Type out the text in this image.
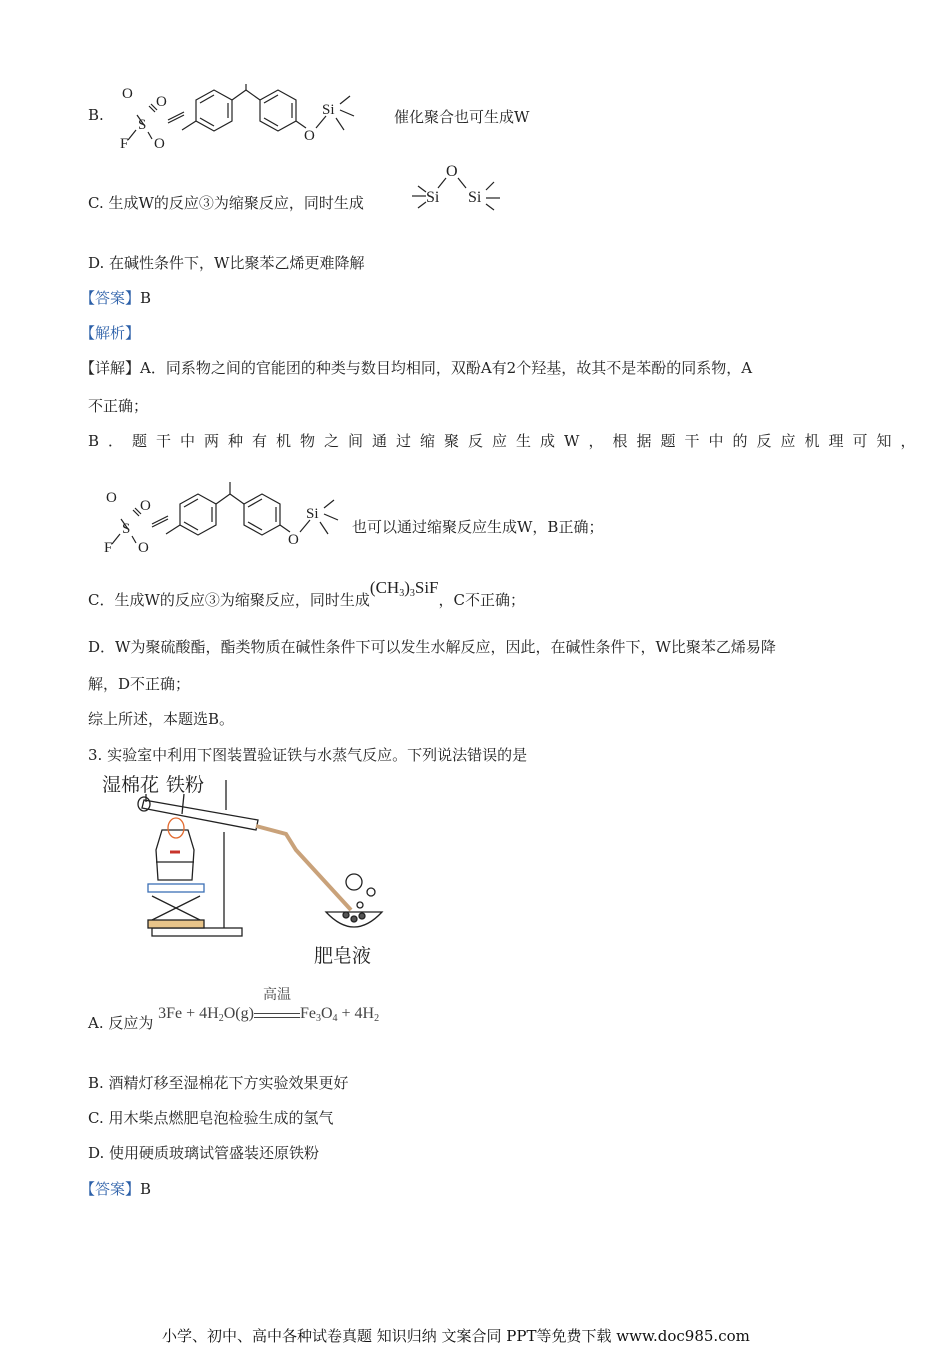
B.
O O
S
F O	O
Si	催化聚合也可生成W
C. 生成W的反应③为缩聚反应，同时生成
O
Si Si
D. 在碱性条件下，W比聚苯乙烯更难降解
【答案】B
【解析】
【详解】A．同系物之间的官能团的种类与数目均相同，双酚A有2个羟基，故其不是苯酚的同系物，A
不正确；
B．题干中两种有机物之间通过缩聚反应生成W，根据题干中的反应机理可知，
O O
S
F O	O
Si
也可以通过缩聚反应生成W，B正确；
C．生成W的反应③为缩聚反应，同时生成$(CH_3)_3SiF$，C不正确；
D．W为聚硫酸酯，酯类物质在碱性条件下可以发生水解反应，因此，在碱性条件下，W比聚苯乙烯易降
解，D不正确；
综上所述，本题选B。
3. 实验室中利用下图装置验证铁与水蒸气反应。下列说法错误的是
湿棉花 铁粉
肥皂液
A. 反应为 $3Fe + 4H_2O(g)$
高温
$Fe_3O_4 + 4H_2$
B. 酒精灯移至湿棉花下方实验效果更好
C. 用木柴点燃肥皂泡检验生成的氢气
D. 使用硬质玻璃试管盛装还原铁粉
【答案】B
小学、初中、高中各种试卷真题 知识归纳 文案合同 PPT等免费下载 www.doc985.com
